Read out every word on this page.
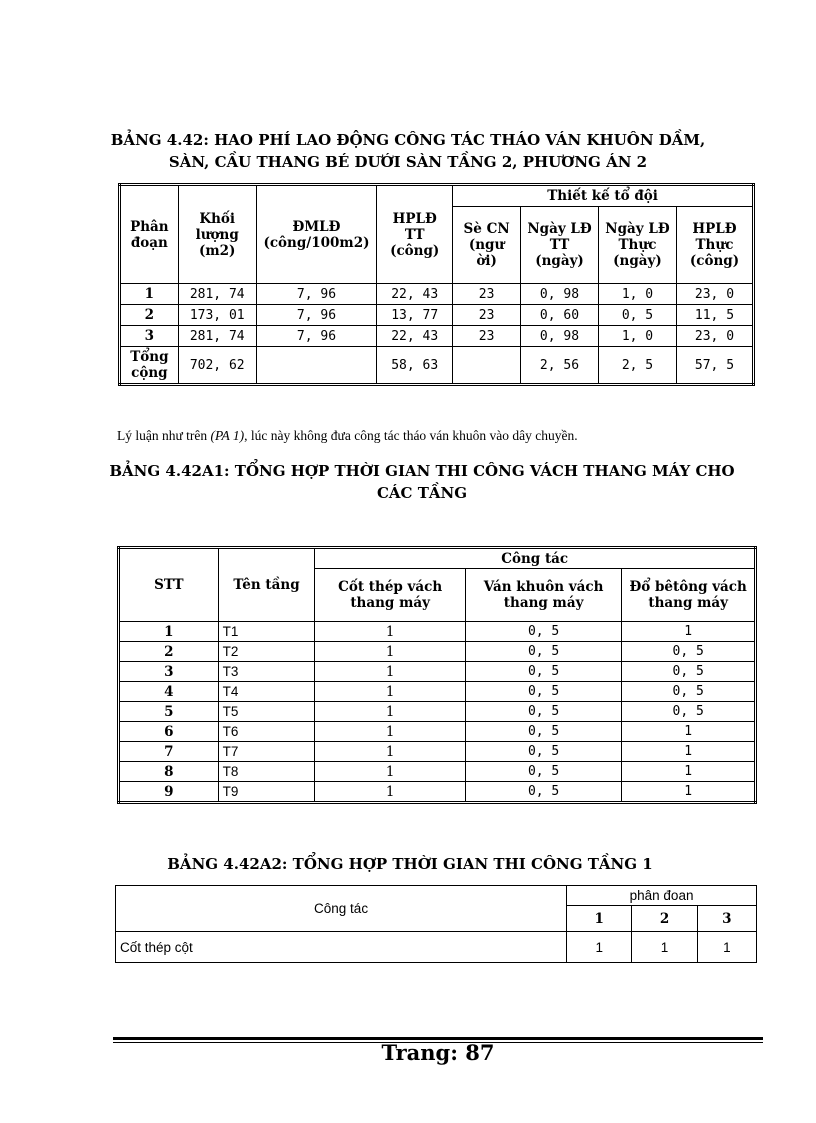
BẢNG 4.42: HAO PHÍ LAO ĐỘNG CÔNG TÁC THÁO VÁN KHUÔN DẦM,
SÀN, CẦU THANG BÉ DƯỚI SÀN TẦNG 2, PHƯƠNG ÁN 2
Phân đoạn	Khối lượng (m2)	ĐMLĐ (công/100m2)	HPLĐ TT (công)	Thiết kế tổ đội			
				Sè CN (ngư ời)	Ngày LĐ TT (ngày)	Ngày LĐ Thực (ngày)	HPLĐ Thực (công)
1	281, 74	7, 96	22, 43	23	0, 98	1, 0	23, 0
2	173, 01	7, 96	13, 77	23	0, 60	0, 5	11, 5
3	281, 74	7, 96	22, 43	23	0, 98	1, 0	23, 0
Tổng cộng	702, 62		58, 63		2, 56	2, 5	57, 5
Lý luận như trên (PA 1), lúc này không đưa công tác tháo ván khuôn vào dây chuyền.
BẢNG 4.42A1: TỔNG HỢP THỜI GIAN THI CÔNG VÁCH THANG MÁY CHO
CÁC TẦNG
STT	Tên tầng	Công tác		
		Cốt thép vách thang máy	Ván khuôn vách thang máy	Đổ bêtông vách thang máy
1	T1	1	0, 5	1
2	T2	1	0, 5	0, 5
3	T3	1	0, 5	0, 5
4	T4	1	0, 5	0, 5
5	T5	1	0, 5	0, 5
6	T6	1	0, 5	1
7	T7	1	0, 5	1
8	T8	1	0, 5	1
9	T9	1	0, 5	1
BẢNG 4.42A2: TỔNG HỢP THỜI GIAN THI CÔNG TẦNG 1
Công tác	phân đoan		
	1	2	3
Cốt thép cột	1	1	1
Trang: 87
